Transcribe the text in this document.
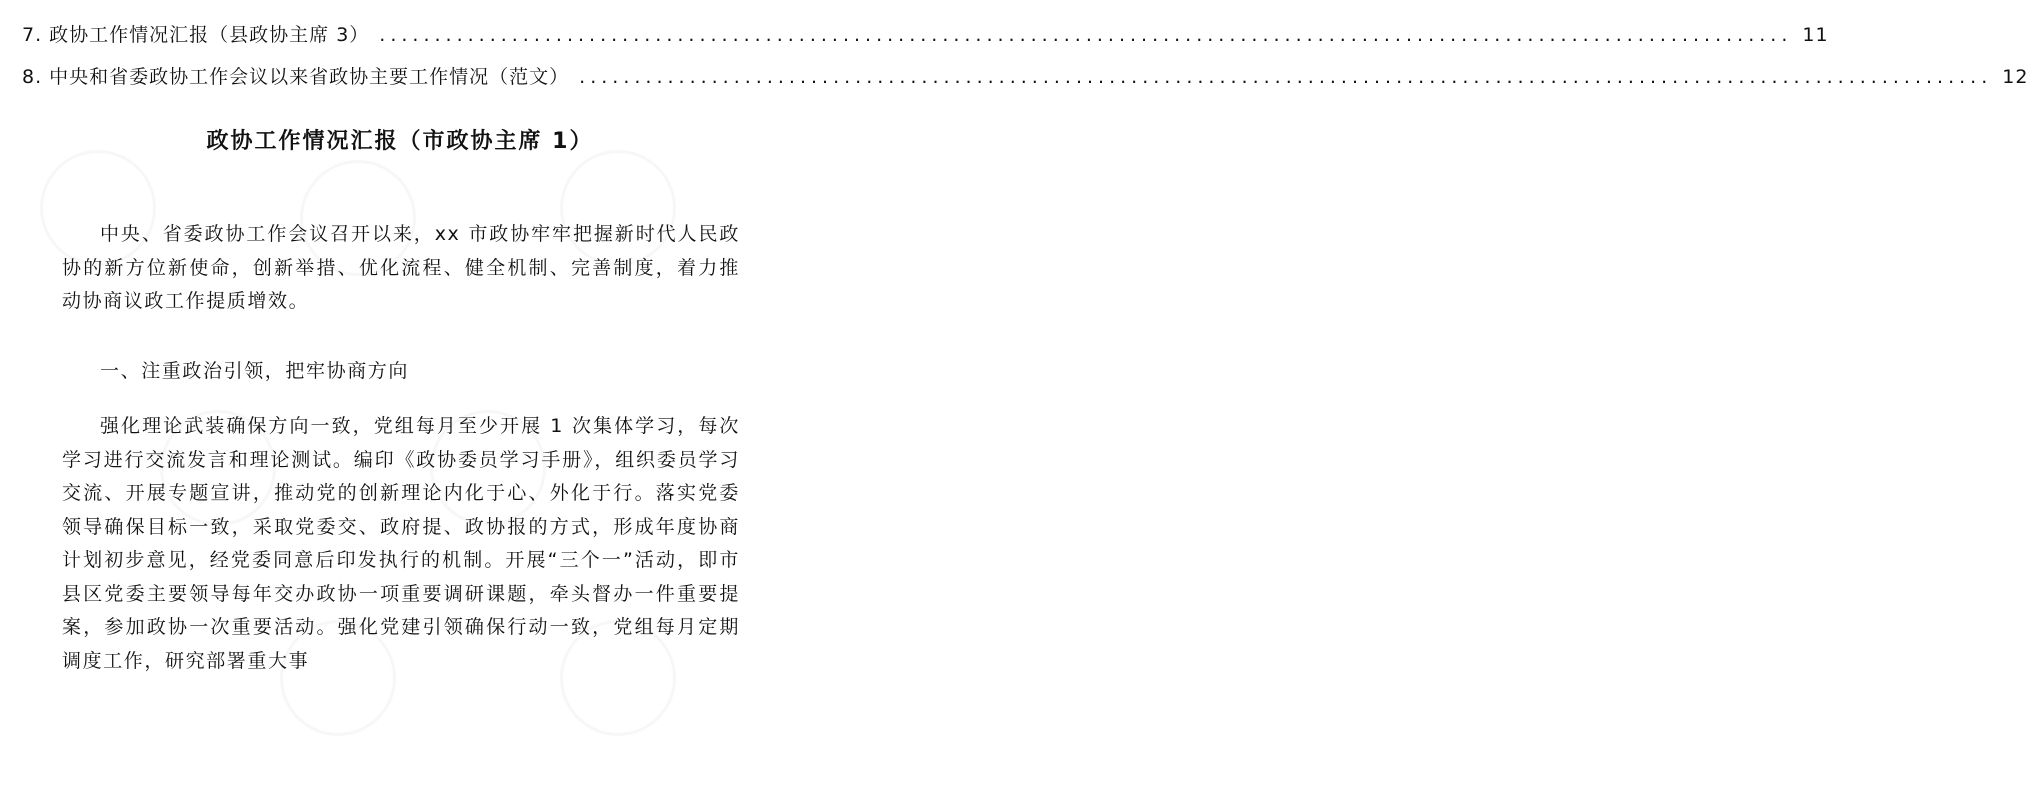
7. 政协工作情况汇报（县政协主席 3） ................................................................................................................................ 11
8. 中央和省委政协工作会议以来省政协主要工作情况（范文） ................................................................................................................................ 12
政协工作情况汇报（市政协主席 1）

中央、省委政协工作会议召开以来，xx 市政协牢牢把握新时代人民政协的新方位新使命，创新举措、优化流程、健全机制、完善制度，着力推动协商议政工作提质增效。

一、注重政治引领，把牢协商方向

强化理论武装确保方向一致，党组每月至少开展 1 次集体学习，每次学习进行交流发言和理论测试。编印《政协委员学习手册》，组织委员学习交流、开展专题宣讲，推动党的创新理论内化于心、外化于行。落实党委领导确保目标一致，采取党委交、政府提、政协报的方式，形成年度协商计划初步意见，经党委同意后印发执行的机制。开展“三个一”活动，即市县区党委主要领导每年交办政协一项重要调研课题，牵头督办一件重要提案，参加政协一次重要活动。强化党建引领确保行动一致，党组每月定期调度工作，研究部署重大事
